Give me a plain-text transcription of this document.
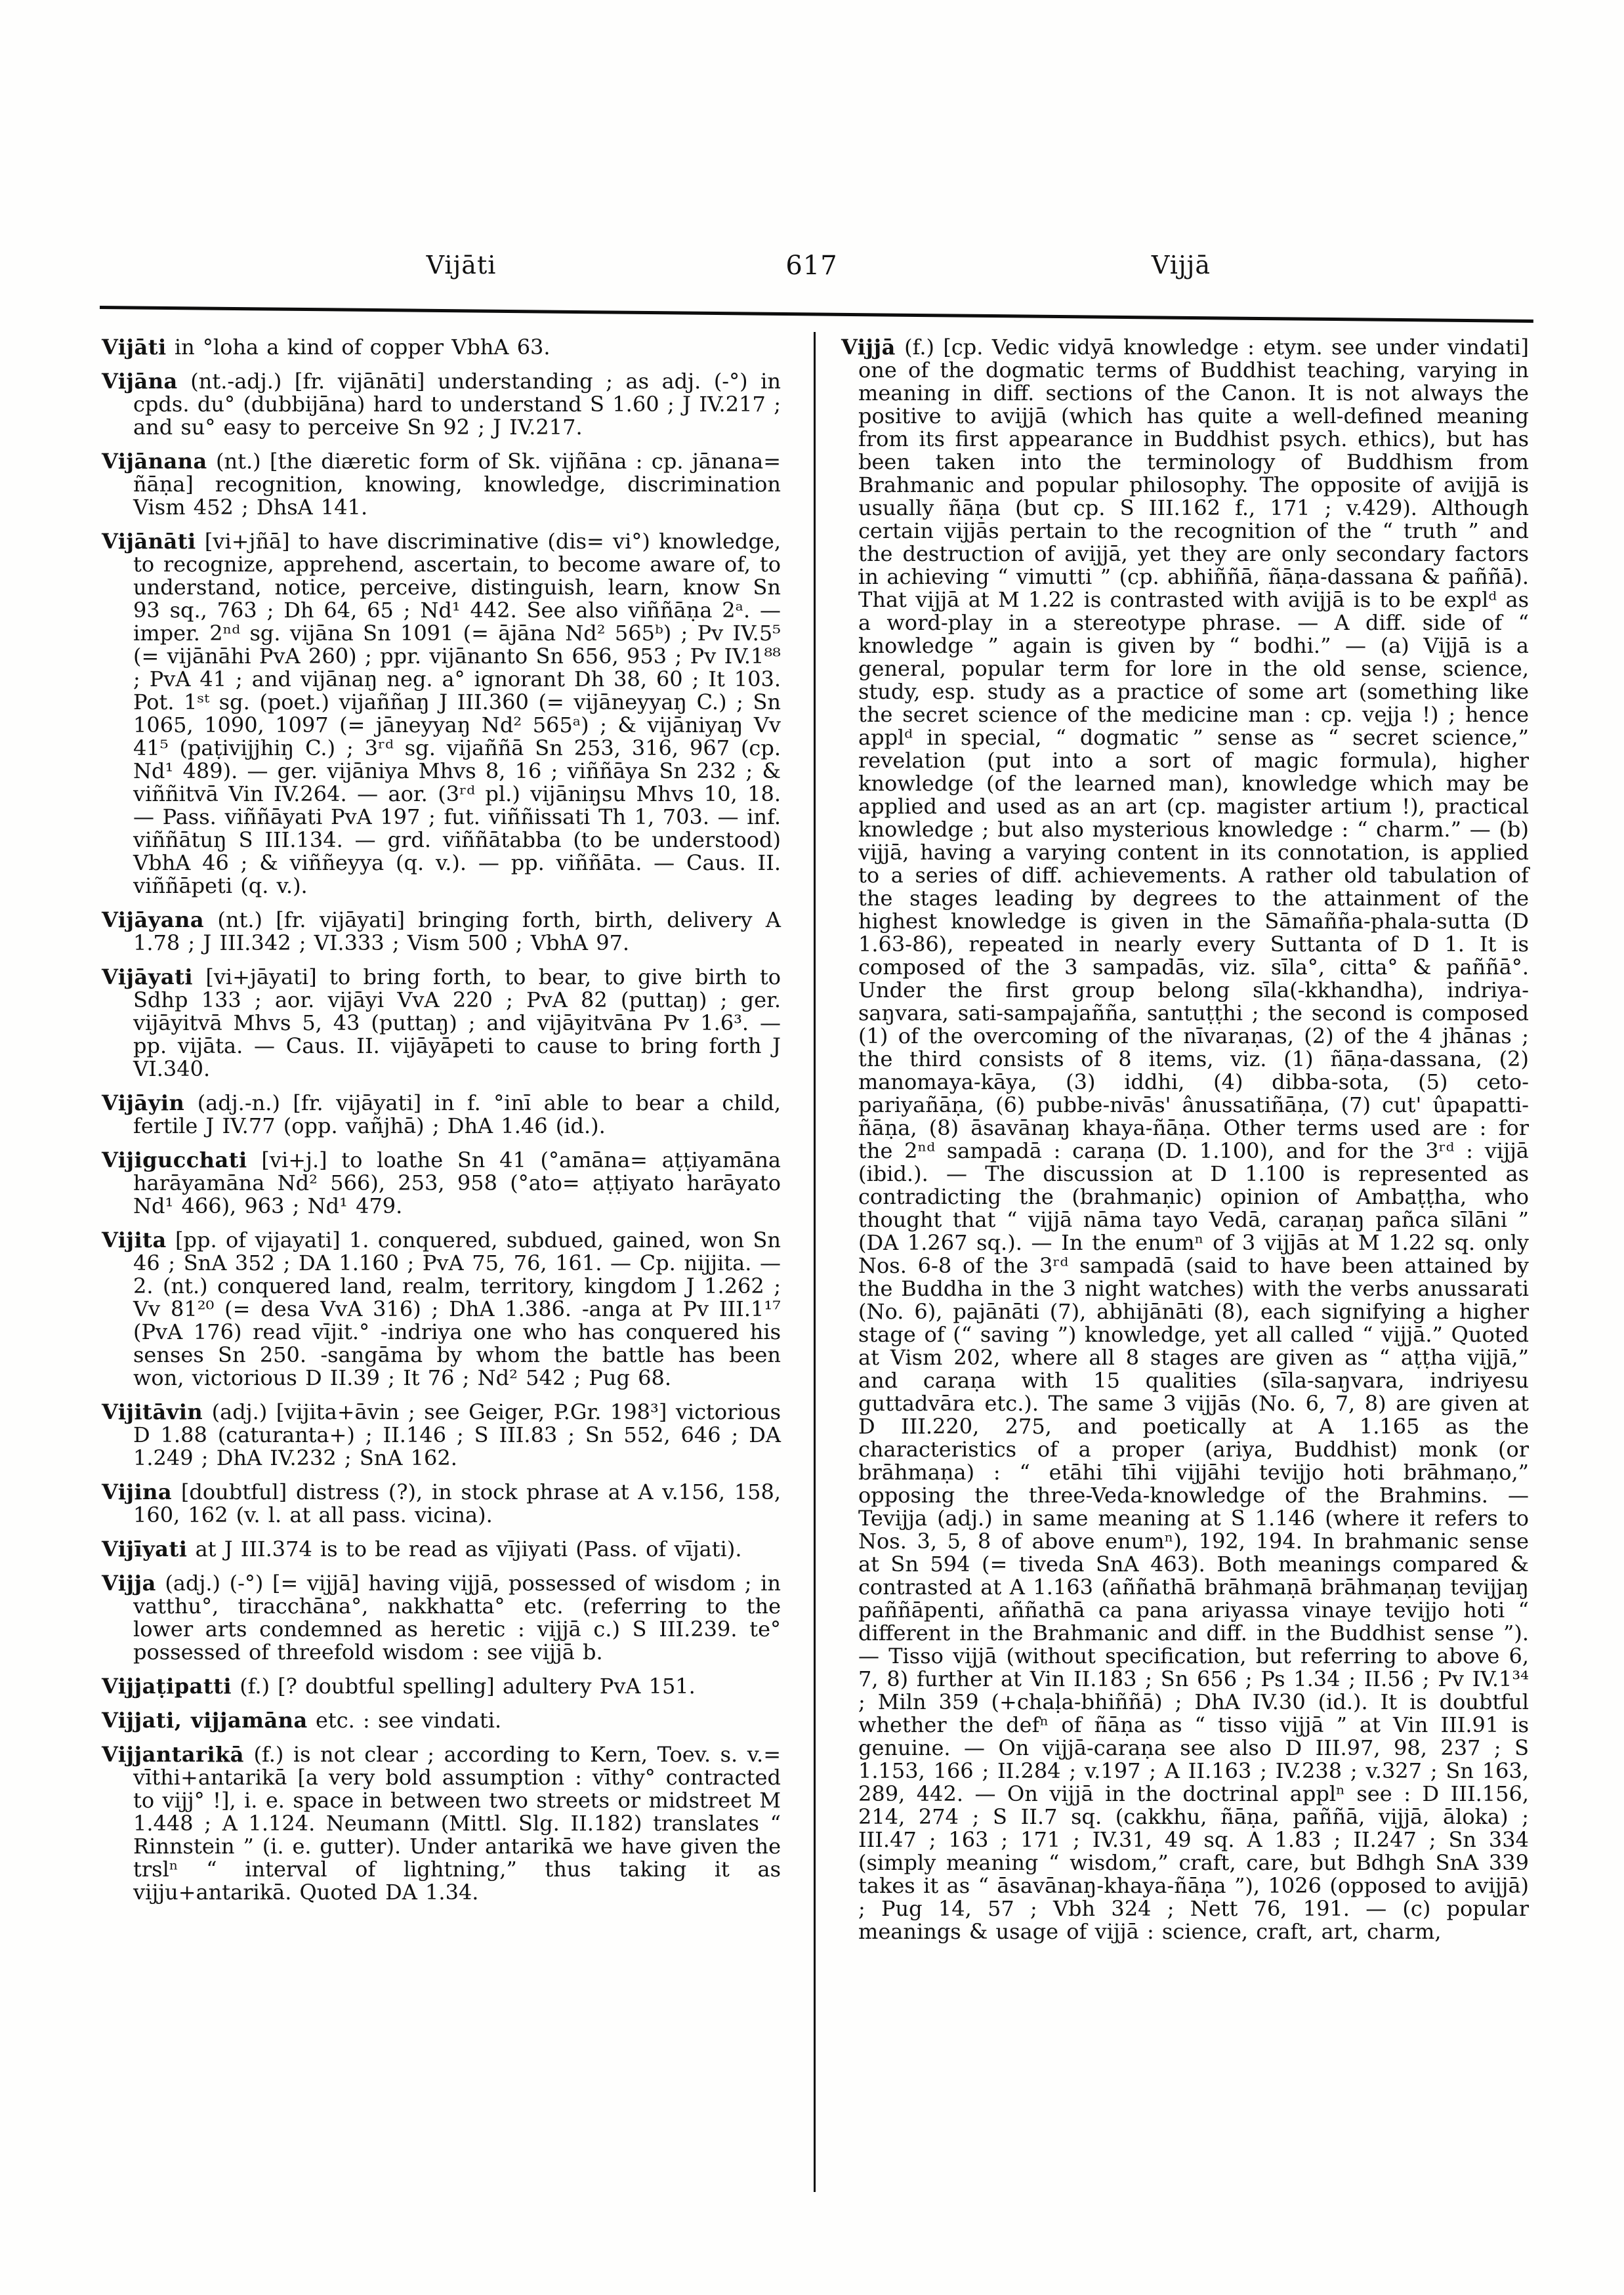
Vijāti	617	Vijjā

Vijāti in °loha a kind of copper VbhA 63.

Vijāna (nt.-adj.) [fr. vijānāti] understanding ; as adj. (-°) in cpds. du° (dubbijāna) hard to understand S 1.60 ; J IV.217 ; and su° easy to perceive Sn 92 ; J IV.217.

Vijānana (nt.) [the diæretic form of Sk. vijñāna : cp. jānana= ñāṇa] recognition, knowing, knowledge, discrimination Vism 452 ; DhsA 141.

Vijānāti [vi+jñā] to have discriminative (dis= vi°) knowledge, to recognize, apprehend, ascertain, to become aware of, to understand, notice, perceive, distinguish, learn, know Sn 93 sq., 763 ; Dh 64, 65 ; Nd¹ 442. See also viññāṇa 2ᵃ. — imper. 2ⁿᵈ sg. vijāna Sn 1091 (= ājāna Nd² 565ᵇ) ; Pv IV.5⁵ (= vijānāhi PvA 260) ; ppr. vijānanto Sn 656, 953 ; Pv IV.1⁸⁸ ; PvA 41 ; and vijānaŋ neg. a° ignorant Dh 38, 60 ; It 103. Pot. 1ˢᵗ sg. (poet.) vijaññaŋ J III.360 (= vijāneyyaŋ C.) ; Sn 1065, 1090, 1097 (= jāneyyaŋ Nd² 565ᵃ) ; & vijāniyaŋ Vv 41⁵ (paṭivijjhiŋ C.) ; 3ʳᵈ sg. vijaññā Sn 253, 316, 967 (cp. Nd¹ 489). — ger. vijāniya Mhvs 8, 16 ; viññāya Sn 232 ; & viññitvā Vin IV.264. — aor. (3ʳᵈ pl.) vijāniŋsu Mhvs 10, 18. — Pass. viññāyati PvA 197 ; fut. viññissati Th 1, 703. — inf. viññātuŋ S III.134. — grd. viññātabba (to be understood) VbhA 46 ; & viññeyya (q. v.). — pp. viññāta. — Caus. II. viññāpeti (q. v.).

Vijāyana (nt.) [fr. vijāyati] bringing forth, birth, delivery A 1.78 ; J III.342 ; VI.333 ; Vism 500 ; VbhA 97.

Vijāyati [vi+jāyati] to bring forth, to bear, to give birth to Sdhp 133 ; aor. vijāyi VvA 220 ; PvA 82 (puttaŋ) ; ger. vijāyitvā Mhvs 5, 43 (puttaŋ) ; and vijāyitvāna Pv 1.6³. — pp. vijāta. — Caus. II. vijāyāpeti to cause to bring forth J VI.340.

Vijāyin (adj.-n.) [fr. vijāyati] in f. °inī able to bear a child, fertile J IV.77 (opp. vañjhā) ; DhA 1.46 (id.).

Vijigucchati [vi+j.] to loathe Sn 41 (°amāna= aṭṭiyamāna harāyamāna Nd² 566), 253, 958 (°ato= aṭṭiyato harāyato Nd¹ 466), 963 ; Nd¹ 479.

Vijita [pp. of vijayati] 1. conquered, subdued, gained, won Sn 46 ; SnA 352 ; DA 1.160 ; PvA 75, 76, 161. — Cp. nijjita. — 2. (nt.) conquered land, realm, territory, kingdom J 1.262 ; Vv 81²⁰ (= desa VvA 316) ; DhA 1.386. -anga at Pv III.1¹⁷ (PvA 176) read vījit.° -indriya one who has conquered his senses Sn 250. -sangāma by whom the battle has been won, victorious D II.39 ; It 76 ; Nd² 542 ; Pug 68.

Vijitāvin (adj.) [vijita+āvin ; see Geiger, P.Gr. 198³] victorious D 1.88 (caturanta+) ; II.146 ; S III.83 ; Sn 552, 646 ; DA 1.249 ; DhA IV.232 ; SnA 162.

Vijina [doubtful] distress (?), in stock phrase at A v.156, 158, 160, 162 (v. l. at all pass. vicina).

Vijīyati at J III.374 is to be read as vījiyati (Pass. of vījati).

Vijja (adj.) (-°) [= vijjā] having vijjā, possessed of wisdom ; in vatthu°, tiracchāna°, nakkhatta° etc. (referring to the lower arts condemned as heretic : vijjā c.) S III.239. te° possessed of threefold wisdom : see vijjā b.

Vijjaṭipatti (f.) [? doubtful spelling] adultery PvA 151.

Vijjati, vijjamāna etc. : see vindati.

Vijjantarikā (f.) is not clear ; according to Kern, Toev. s. v.= vīthi+antarikā [a very bold assumption : vīthy° contracted to vijj° !], i. e. space in between two streets or midstreet M 1.448 ; A 1.124. Neumann (Mittl. Slg. II.182) translates “ Rinnstein ” (i. e. gutter). Under antarikā we have given the trslⁿ “ interval of lightning,” thus taking it as vijju+antarikā. Quoted DA 1.34.

Vijjā (f.) [cp. Vedic vidyā knowledge : etym. see under vindati] one of the dogmatic terms of Buddhist teaching, varying in meaning in diff. sections of the Canon. It is not always the positive to avijjā (which has quite a well-defined meaning from its first appearance in Buddhist psych. ethics), but has been taken into the terminology of Buddhism from Brahmanic and popular philosophy. The opposite of avijjā is usually ñāṇa (but cp. S III.162 f., 171 ; v.429). Although certain vijjās pertain to the recognition of the “ truth ” and the destruction of avijjā, yet they are only secondary factors in achieving “ vimutti ” (cp. abhiññā, ñāṇa-dassana & paññā). That vijjā at M 1.22 is contrasted with avijjā is to be explᵈ as a word-play in a stereotype phrase. — A diff. side of “ knowledge ” again is given by “ bodhi.” — (a) Vijjā is a general, popular term for lore in the old sense, science, study, esp. study as a practice of some art (something like the secret science of the medicine man : cp. vejja !) ; hence applᵈ in special, “ dogmatic ” sense as “ secret science,” revelation (put into a sort of magic formula), higher knowledge (of the learned man), knowledge which may be applied and used as an art (cp. magister artium !), practical knowledge ; but also mysterious knowledge : “ charm.” — (b) vijjā, having a varying content in its connotation, is applied to a series of diff. achievements. A rather old tabulation of the stages leading by degrees to the attainment of the highest knowledge is given in the Sāmañña-phala-sutta (D 1.63-86), repeated in nearly every Suttanta of D 1. It is composed of the 3 sampadās, viz. sīla°, citta° & paññā°. Under the first group belong sīla(-kkhandha), indriya-saŋvara, sati-sampajañña, santuṭṭhi ; the second is composed (1) of the overcoming of the nīvaraṇas, (2) of the 4 jhānas ; the third consists of 8 items, viz. (1) ñāṇa-dassana, (2) manomaya-kāya, (3) iddhi, (4) dibba-sota, (5) ceto-pariyañāṇa, (6) pubbe-nivās' ânussatiñāṇa, (7) cut' ûpapatti-ñāṇa, (8) āsavānaŋ khaya-ñāṇa. Other terms used are : for the 2ⁿᵈ sampadā : caraṇa (D. 1.100), and for the 3ʳᵈ : vijjā (ibid.). — The discussion at D 1.100 is represented as contradicting the (brahmaṇic) opinion of Ambaṭṭha, who thought that “ vijjā nāma tayo Vedā, caraṇaŋ pañca sīlāni ” (DA 1.267 sq.). — In the enumⁿ of 3 vijjās at M 1.22 sq. only Nos. 6-8 of the 3ʳᵈ sampadā (said to have been attained by the Buddha in the 3 night watches) with the verbs anussarati (No. 6), pajānāti (7), abhijānāti (8), each signifying a higher stage of (“ saving ”) knowledge, yet all called “ vijjā.” Quoted at Vism 202, where all 8 stages are given as “ aṭṭha vijjā,” and caraṇa with 15 qualities (sīla-saŋvara, indriyesu guttadvāra etc.). The same 3 vijjās (No. 6, 7, 8) are given at D III.220, 275, and poetically at A 1.165 as the characteristics of a proper (ariya, Buddhist) monk (or brāhmaṇa) : “ etāhi tīhi vijjāhi tevijjo hoti brāhmaṇo,” opposing the three-Veda-knowledge of the Brahmins. — Tevijja (adj.) in same meaning at S 1.146 (where it refers to Nos. 3, 5, 8 of above enumⁿ), 192, 194. In brahmanic sense at Sn 594 (= tiveda SnA 463). Both meanings compared & contrasted at A 1.163 (aññathā brāhmaṇā brāhmaṇaŋ tevijjaŋ paññāpenti, aññathā ca pana ariyassa vinaye tevijjo hoti “ different in the Brahmanic and diff. in the Buddhist sense ”). — Tisso vijjā (without specification, but referring to above 6, 7, 8) further at Vin II.183 ; Sn 656 ; Ps 1.34 ; II.56 ; Pv IV.1³⁴ ; Miln 359 (+chaḷa-bhiññā) ; DhA IV.30 (id.). It is doubtful whether the defⁿ of ñāṇa as “ tisso vijjā ” at Vin III.91 is genuine. — On vijjā-caraṇa see also D III.97, 98, 237 ; S 1.153, 166 ; II.284 ; v.197 ; A II.163 ; IV.238 ; v.327 ; Sn 163, 289, 442. — On vijjā in the doctrinal applⁿ see : D III.156, 214, 274 ; S II.7 sq. (cakkhu, ñāṇa, paññā, vijjā, āloka) ; III.47 ; 163 ; 171 ; IV.31, 49 sq. A 1.83 ; II.247 ; Sn 334 (simply meaning “ wisdom,” craft, care, but Bdhgh SnA 339 takes it as “ āsavānaŋ-khaya-ñāṇa ”), 1026 (opposed to avijjā) ; Pug 14, 57 ; Vbh 324 ; Nett 76, 191. — (c) popular meanings & usage of vijjā : science, craft, art, charm,
